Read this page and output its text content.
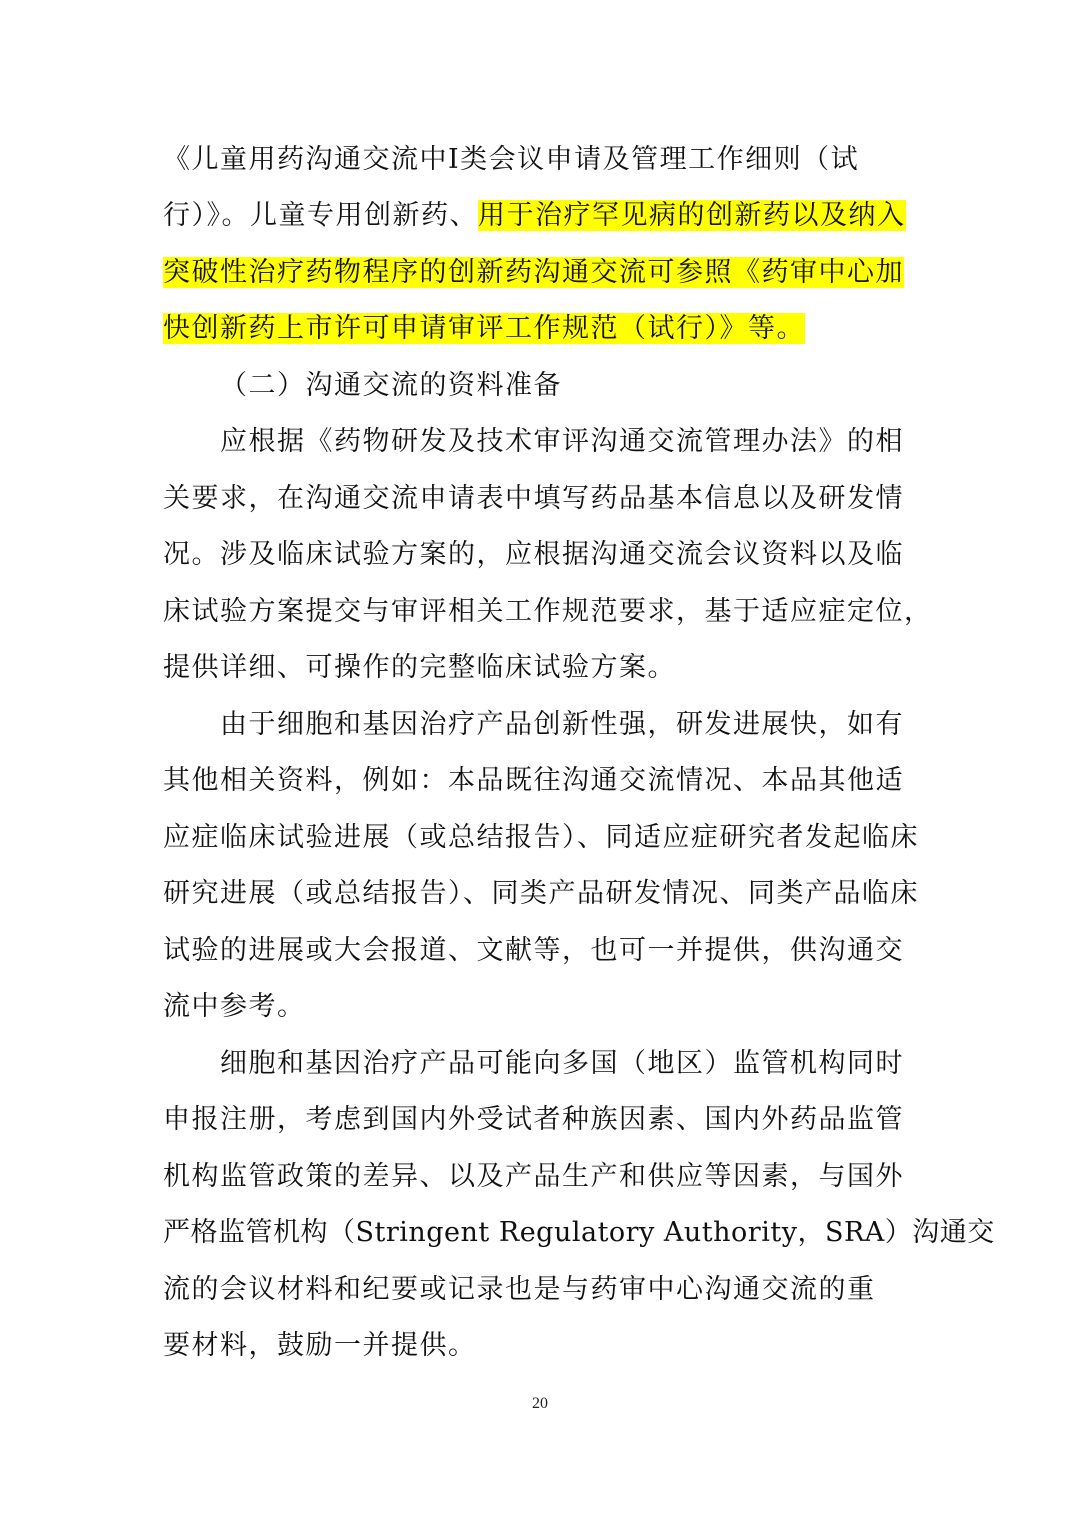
《儿童用药沟通交流中Ⅰ类会议申请及管理工作细则（试
行）》。儿童专用创新药、用于治疗罕见病的创新药以及纳入
突破性治疗药物程序的创新药沟通交流可参照《药审中心加
快创新药上市许可申请审评工作规范（试行）》等。
（二）沟通交流的资料准备
应根据《药物研发及技术审评沟通交流管理办法》的相
关要求，在沟通交流申请表中填写药品基本信息以及研发情
况。涉及临床试验方案的，应根据沟通交流会议资料以及临
床试验方案提交与审评相关工作规范要求，基于适应症定位，
提供详细、可操作的完整临床试验方案。
由于细胞和基因治疗产品创新性强，研发进展快，如有
其他相关资料，例如：本品既往沟通交流情况、本品其他适
应症临床试验进展（或总结报告）、同适应症研究者发起临床
研究进展（或总结报告）、同类产品研发情况、同类产品临床
试验的进展或大会报道、文献等，也可一并提供，供沟通交
流中参考。
细胞和基因治疗产品可能向多国（地区）监管机构同时
申报注册，考虑到国内外受试者种族因素、国内外药品监管
机构监管政策的差异、以及产品生产和供应等因素，与国外
严格监管机构（Stringent Regulatory Authority，SRA）沟通交
流的会议材料和纪要或记录也是与药审中心沟通交流的重
要材料，鼓励一并提供。
20
